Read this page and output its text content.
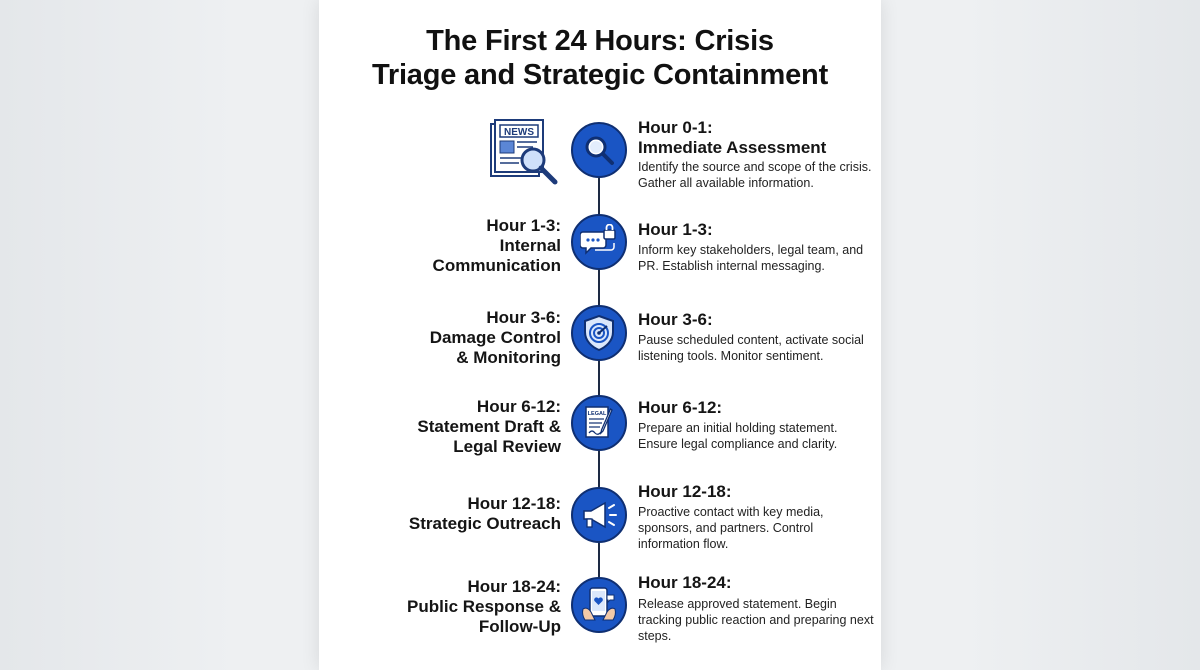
The First 24 Hours: Crisis
Triage and Strategic Containment
NEWS	Hour 0-1:
Immediate Assessment
Identify the source and scope of the crisis. Gather all available information.
Hour 1-3:
Internal
Communication
Hour 1-3:
Inform key stakeholders, legal team, and PR. Establish internal messaging.
Hour 3-6:
Damage Control
& Monitoring
Hour 3-6:
Pause scheduled content, activate social listening tools. Monitor sentiment.
Hour 6-12:
Statement Draft &
Legal Review
LEGAL Hour 6-12:
Prepare an initial holding statement. Ensure legal compliance and clarity.
Hour 12-18:
Strategic Outreach
Hour 12-18:
Proactive contact with key media, sponsors, and partners. Control information flow.
Hour 18-24:
Public Response &
Follow-Up
Hour 18-24:
Release approved statement. Begin tracking public reaction and preparing next steps.
